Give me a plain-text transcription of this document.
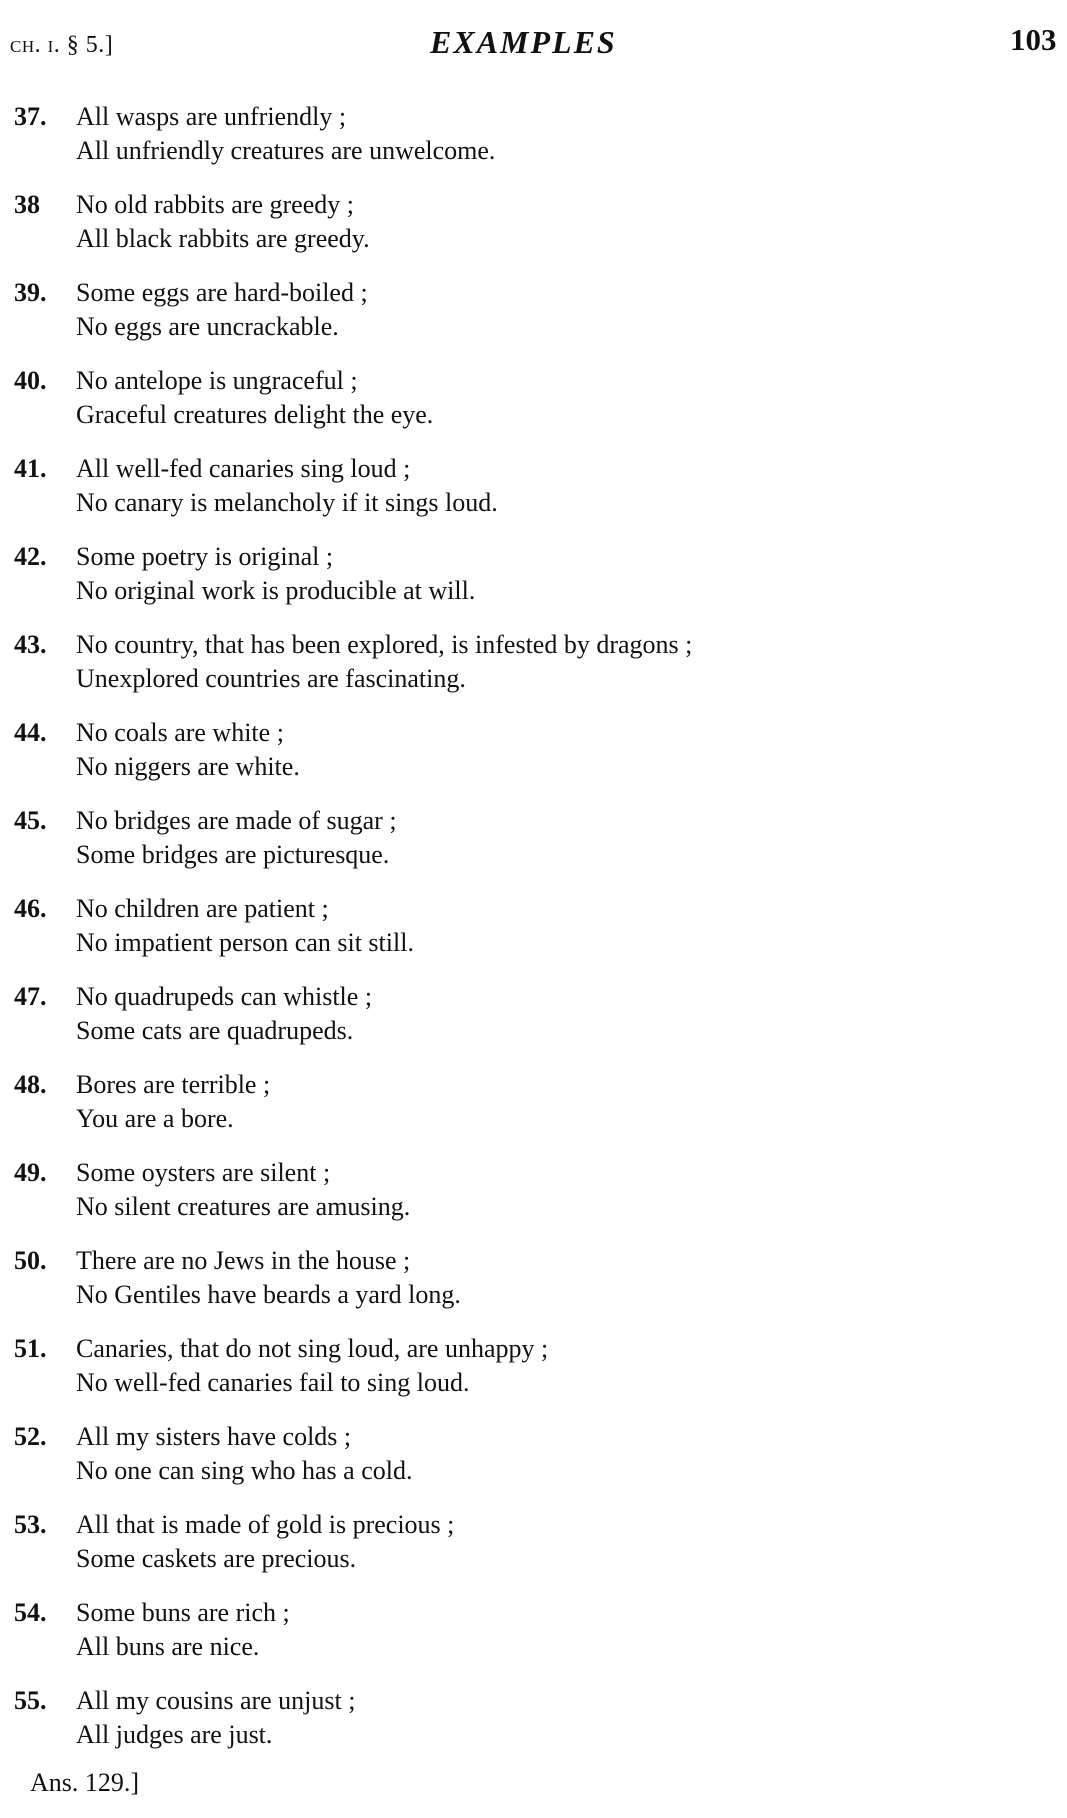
ch. i. § 5.]	EXAMPLES	103
37.	All wasps are unfriendly ;
All unfriendly creatures are unwelcome.
38	No old rabbits are greedy ;
All black rabbits are greedy.
39.	Some eggs are hard-boiled ;
No eggs are uncrackable.
40.	No antelope is ungraceful ;
Graceful creatures delight the eye.
41.	All well-fed canaries sing loud ;
No canary is melancholy if it sings loud.
42.	Some poetry is original ;
No original work is producible at will.
43.	No country, that has been explored, is infested by dragons ;
Unexplored countries are fascinating.
44.	No coals are white ;
No niggers are white.
45.	No bridges are made of sugar ;
Some bridges are picturesque.
46.	No children are patient ;
No impatient person can sit still.
47.	No quadrupeds can whistle ;
Some cats are quadrupeds.
48.	Bores are terrible ;
You are a bore.
49.	Some oysters are silent ;
No silent creatures are amusing.
50.	There are no Jews in the house ;
No Gentiles have beards a yard long.
51.	Canaries, that do not sing loud, are unhappy ;
No well-fed canaries fail to sing loud.
52.	All my sisters have colds ;
No one can sing who has a cold.
53.	All that is made of gold is precious ;
Some caskets are precious.
54.	Some buns are rich ;
All buns are nice.
55.	All my cousins are unjust ;
All judges are just.
Ans. 129.]
